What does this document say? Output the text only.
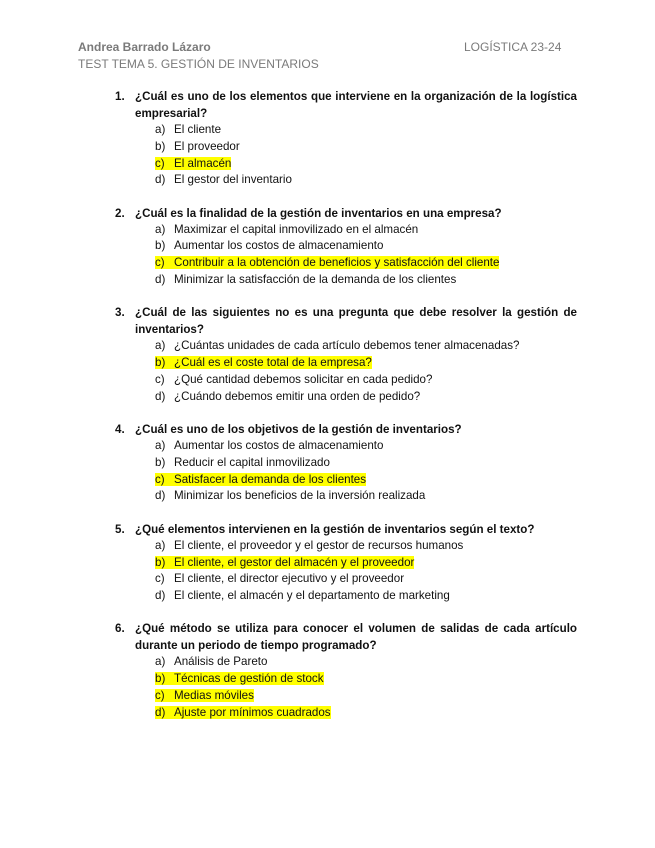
Andrea Barrado Lázaro	LOGÍSTICA 23-24
TEST TEMA 5. GESTIÓN DE INVENTARIOS
1. ¿Cuál es uno de los elementos que interviene en la organización de la logística empresarial?
a) El cliente
b) El proveedor
c) El almacén
d) El gestor del inventario
2. ¿Cuál es la finalidad de la gestión de inventarios en una empresa?
a) Maximizar el capital inmovilizado en el almacén
b) Aumentar los costos de almacenamiento
c) Contribuir a la obtención de beneficios y satisfacción del cliente
d) Minimizar la satisfacción de la demanda de los clientes
3. ¿Cuál de las siguientes no es una pregunta que debe resolver la gestión de inventarios?
a) ¿Cuántas unidades de cada artículo debemos tener almacenadas?
b) ¿Cuál es el coste total de la empresa?
c) ¿Qué cantidad debemos solicitar en cada pedido?
d) ¿Cuándo debemos emitir una orden de pedido?
4. ¿Cuál es uno de los objetivos de la gestión de inventarios?
a) Aumentar los costos de almacenamiento
b) Reducir el capital inmovilizado
c) Satisfacer la demanda de los clientes
d) Minimizar los beneficios de la inversión realizada
5. ¿Qué elementos intervienen en la gestión de inventarios según el texto?
a) El cliente, el proveedor y el gestor de recursos humanos
b) El cliente, el gestor del almacén y el proveedor
c) El cliente, el director ejecutivo y el proveedor
d) El cliente, el almacén y el departamento de marketing
6. ¿Qué método se utiliza para conocer el volumen de salidas de cada artículo durante un periodo de tiempo programado?
a) Análisis de Pareto
b) Técnicas de gestión de stock
c) Medias móviles
d) Ajuste por mínimos cuadrados
